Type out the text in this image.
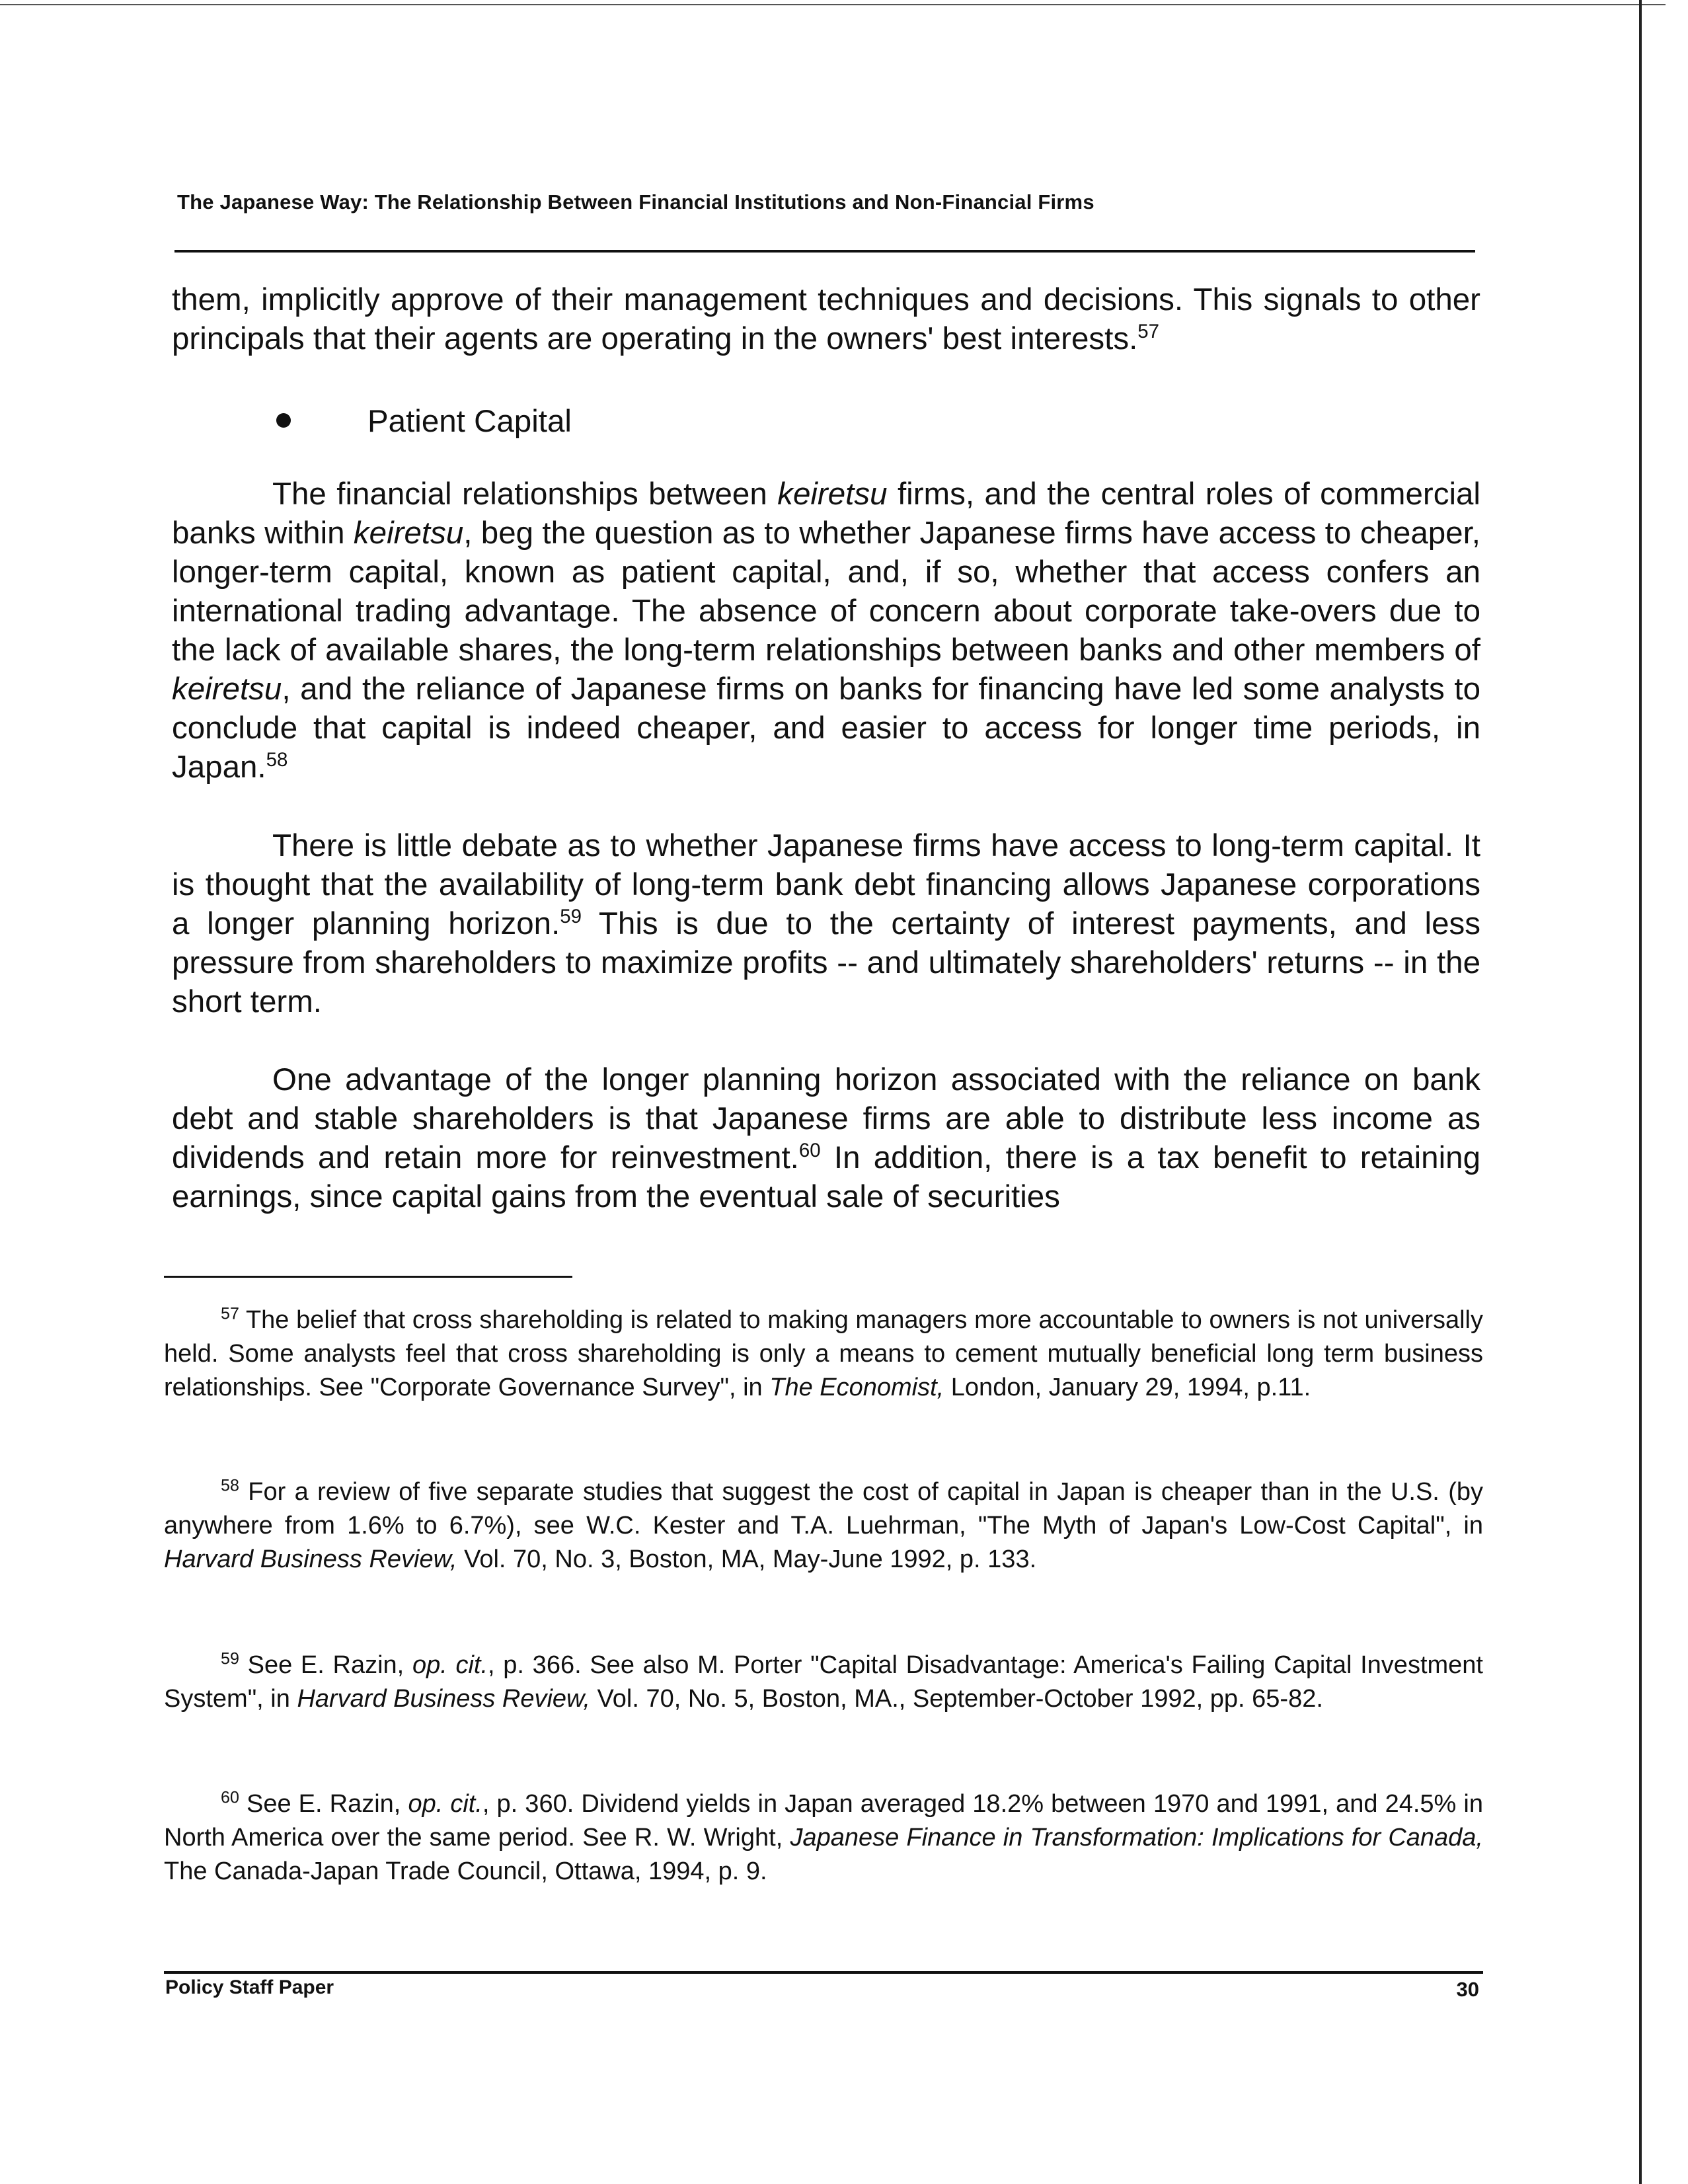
The Japanese Way: The Relationship Between Financial Institutions and Non-Financial Firms

them, implicitly approve of their management techniques and decisions. This signals to other principals that their agents are operating in the owners' best interests.$^{57}$

Patient Capital

The financial relationships between keiretsu firms, and the central roles of commercial banks within keiretsu, beg the question as to whether Japanese firms have access to cheaper, longer-term capital, known as patient capital, and, if so, whether that access confers an international trading advantage. The absence of concern about corporate take-overs due to the lack of available shares, the long-term relationships between banks and other members of keiretsu, and the reliance of Japanese firms on banks for financing have led some analysts to conclude that capital is indeed cheaper, and easier to access for longer time periods, in Japan.$^{58}$

There is little debate as to whether Japanese firms have access to long-term capital. It is thought that the availability of long-term bank debt financing allows Japanese corporations a longer planning horizon.$^{59}$ This is due to the certainty of interest payments, and less pressure from shareholders to maximize profits -- and ultimately shareholders' returns -- in the short term.

One advantage of the longer planning horizon associated with the reliance on bank debt and stable shareholders is that Japanese firms are able to distribute less income as dividends and retain more for reinvestment.$^{60}$ In addition, there is a tax benefit to retaining earnings, since capital gains from the eventual sale of securities

$^{57}$ The belief that cross shareholding is related to making managers more accountable to owners is not universally held. Some analysts feel that cross shareholding is only a means to cement mutually beneficial long term business relationships. See "Corporate Governance Survey", in The Economist, London, January 29, 1994, p.11.

$^{58}$ For a review of five separate studies that suggest the cost of capital in Japan is cheaper than in the U.S. (by anywhere from 1.6% to 6.7%), see W.C. Kester and T.A. Luehrman, "The Myth of Japan's Low-Cost Capital", in Harvard Business Review, Vol. 70, No. 3, Boston, MA, May-June 1992, p. 133.

$^{59}$ See E. Razin, op. cit., p. 366. See also M. Porter "Capital Disadvantage: America's Failing Capital Investment System", in Harvard Business Review, Vol. 70, No. 5, Boston, MA., September-October 1992, pp. 65-82.

$^{60}$ See E. Razin, op. cit., p. 360. Dividend yields in Japan averaged 18.2% between 1970 and 1991, and 24.5% in North America over the same period. See R. W. Wright, Japanese Finance in Transformation: Implications for Canada, The Canada-Japan Trade Council, Ottawa, 1994, p. 9.

Policy Staff Paper	30
